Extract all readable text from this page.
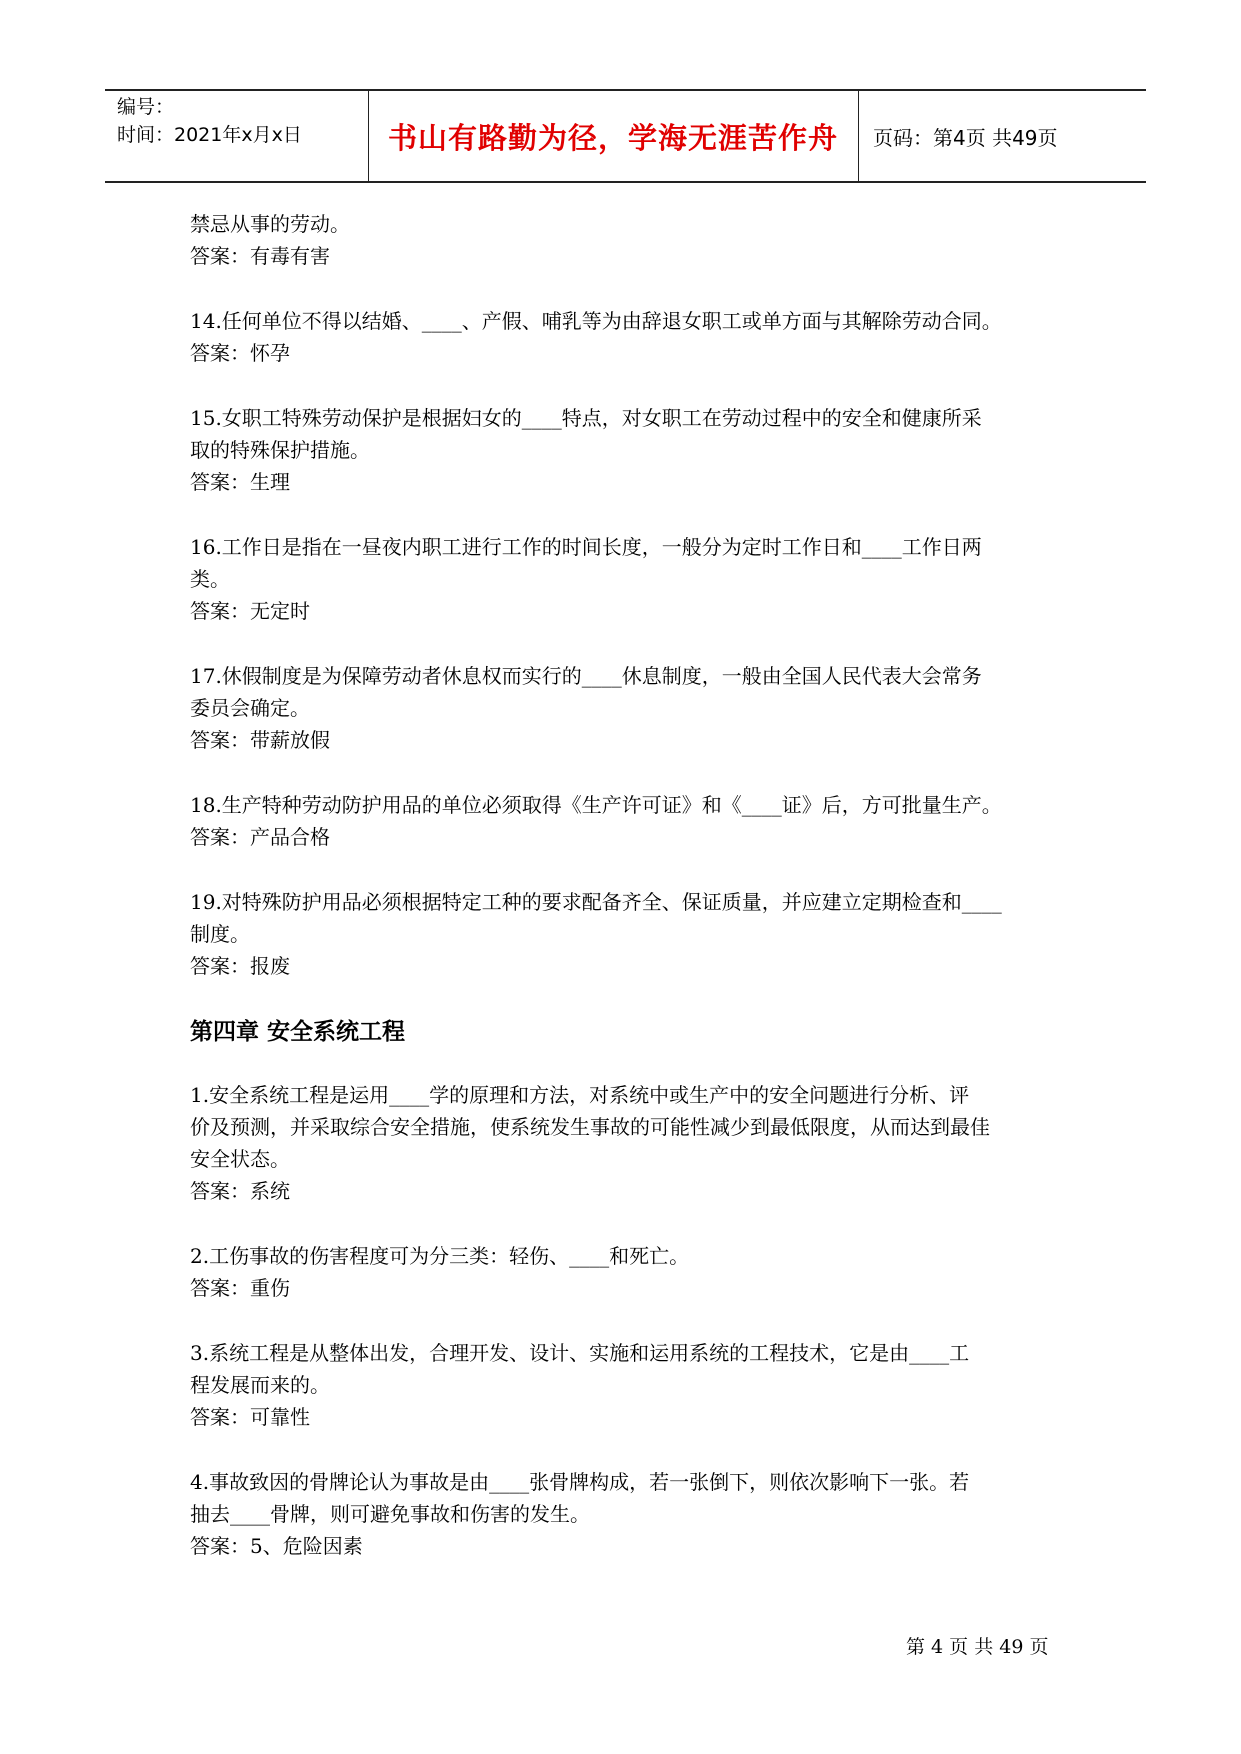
编号：
时间：2021年x月x日	书山有路勤为径，学海无涯苦作舟	页码：第4页 共49页
禁忌从事的劳动。
答案：有毒有害
14.任何单位不得以结婚、____、产假、哺乳等为由辞退女职工或单方面与其解除劳动合同。
答案：怀孕
15.女职工特殊劳动保护是根据妇女的____特点，对女职工在劳动过程中的安全和健康所采
取的特殊保护措施。
答案：生理
16.工作日是指在一昼夜内职工进行工作的时间长度，一般分为定时工作日和____工作日两
类。
答案：无定时
17.休假制度是为保障劳动者休息权而实行的____休息制度，一般由全国人民代表大会常务
委员会确定。
答案：带薪放假
18.生产特种劳动防护用品的单位必须取得《生产许可证》和《____证》后，方可批量生产。
答案：产品合格
19.对特殊防护用品必须根据特定工种的要求配备齐全、保证质量，并应建立定期检查和____
制度。
答案：报废
第四章 安全系统工程
1.安全系统工程是运用____学的原理和方法，对系统中或生产中的安全问题进行分析、评
价及预测，并采取综合安全措施，使系统发生事故的可能性减少到最低限度，从而达到最佳
安全状态。
答案：系统
2.工伤事故的伤害程度可为分三类：轻伤、____和死亡。
答案：重伤
3.系统工程是从整体出发，合理开发、设计、实施和运用系统的工程技术，它是由____工
程发展而来的。
答案：可靠性
4.事故致因的骨牌论认为事故是由____张骨牌构成，若一张倒下，则依次影响下一张。若
抽去____骨牌，则可避免事故和伤害的发生。
答案：5、危险因素
第 4 页 共 49 页
